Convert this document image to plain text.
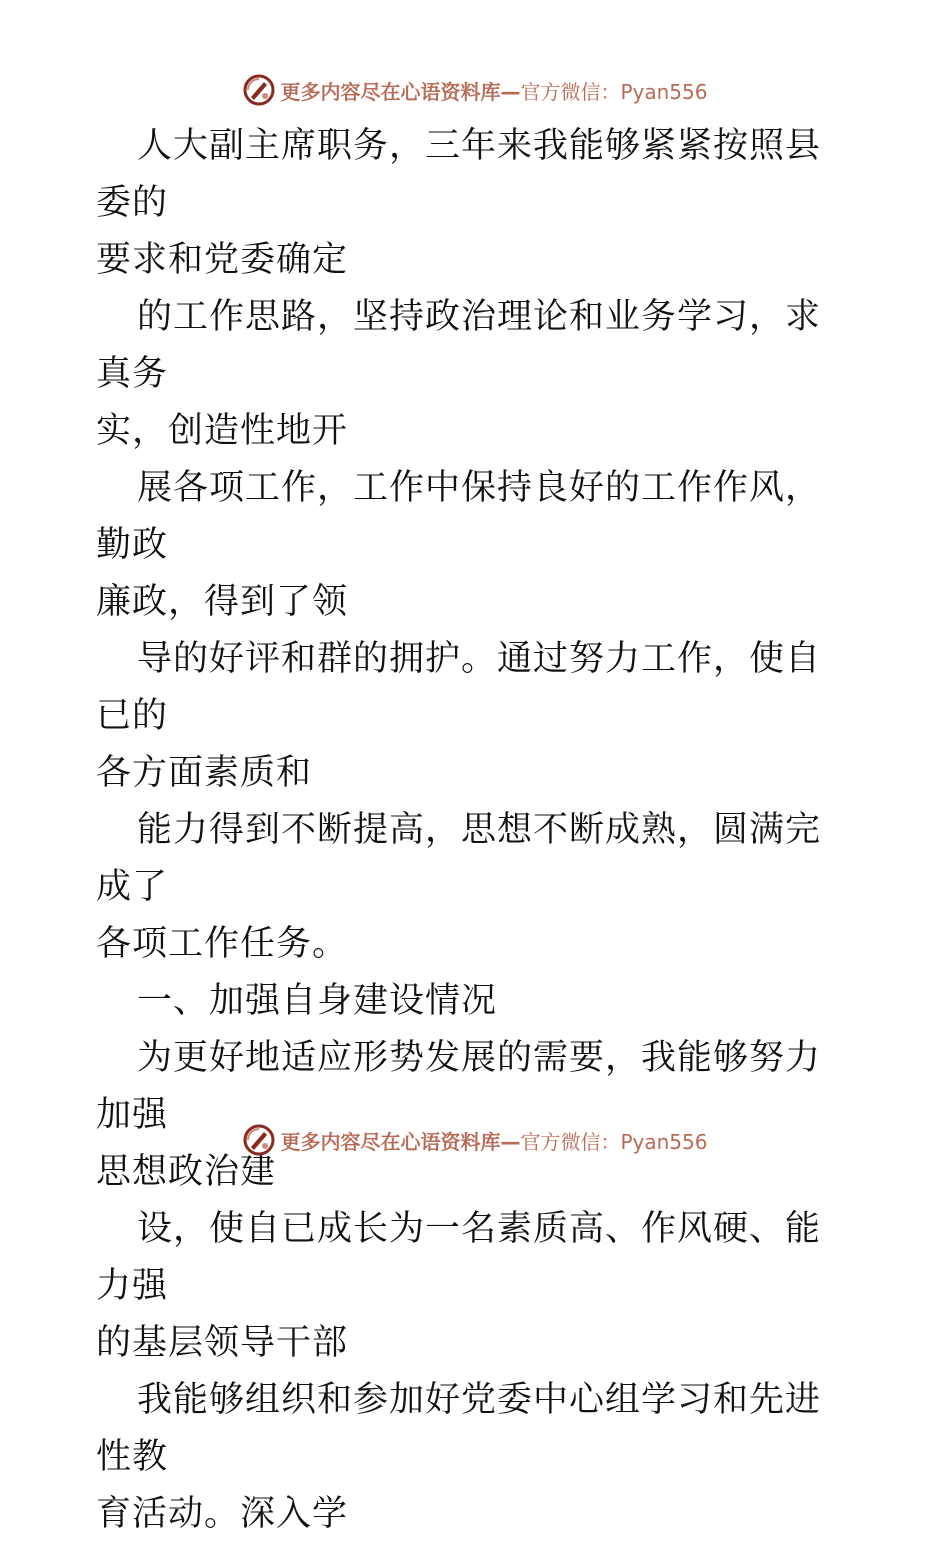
更多内容尽在心语资料库—官方微信：Pyan556

人大副主席职务，三年来我能够紧紧按照县委的
要求和党委确定

的工作思路，坚持政治理论和业务学习，求真务
实，创造性地开

展各项工作，工作中保持良好的工作作风，勤政
廉政，得到了领

导的好评和群的拥护。通过努力工作，使自已的
各方面素质和

能力得到不断提高，思想不断成熟，圆满完成了
各项工作任务。

一、加强自身建设情况

为更好地适应形势发展的需要，我能够努力加强
思想政治建

设，使自已成长为一名素质高、作风硬、能力强
的基层领导干部

我能够组织和参加好党委中心组学习和先进性教
育活动。深入学

更多内容尽在心语资料库—官方微信：Pyan556
